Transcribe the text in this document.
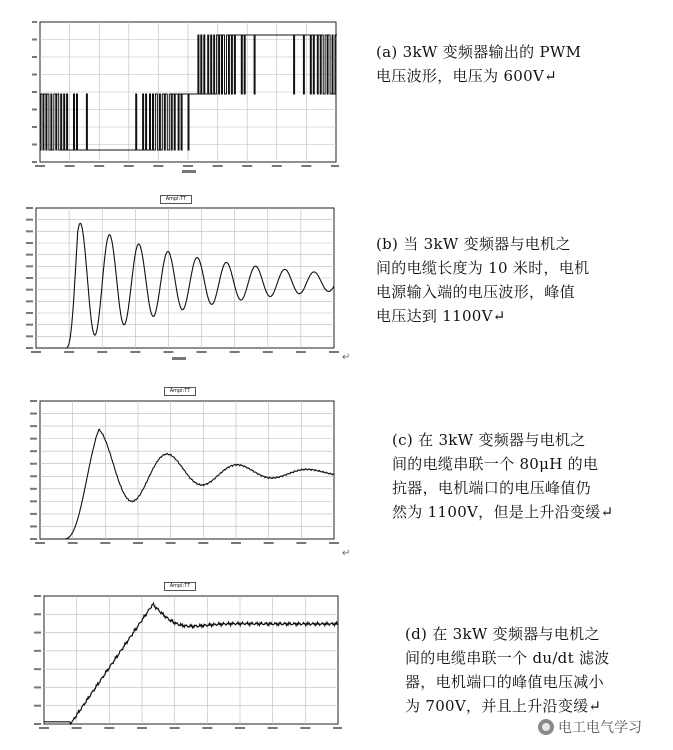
(a) 3kW 变频器输出的 PWM
电压波形，电压为 600V↵
Ampl:TT
↵
(b) 当 3kW 变频器与电机之
间的电缆长度为 10 米时，电机
电源输入端的电压波形，峰值
电压达到 1100V↵
Ampl:TT
↵
(c) 在 3kW 变频器与电机之
间的电缆串联一个 80μH 的电
抗器，电机端口的电压峰值仍
然为 1100V，但是上升沿变缓↵
Ampl:TT
(d) 在 3kW 变频器与电机之
间的电缆串联一个 du/dt 滤波
器，电机端口的峰值电压减小
为 700V，并且上升沿变缓↵
电工电气学习
